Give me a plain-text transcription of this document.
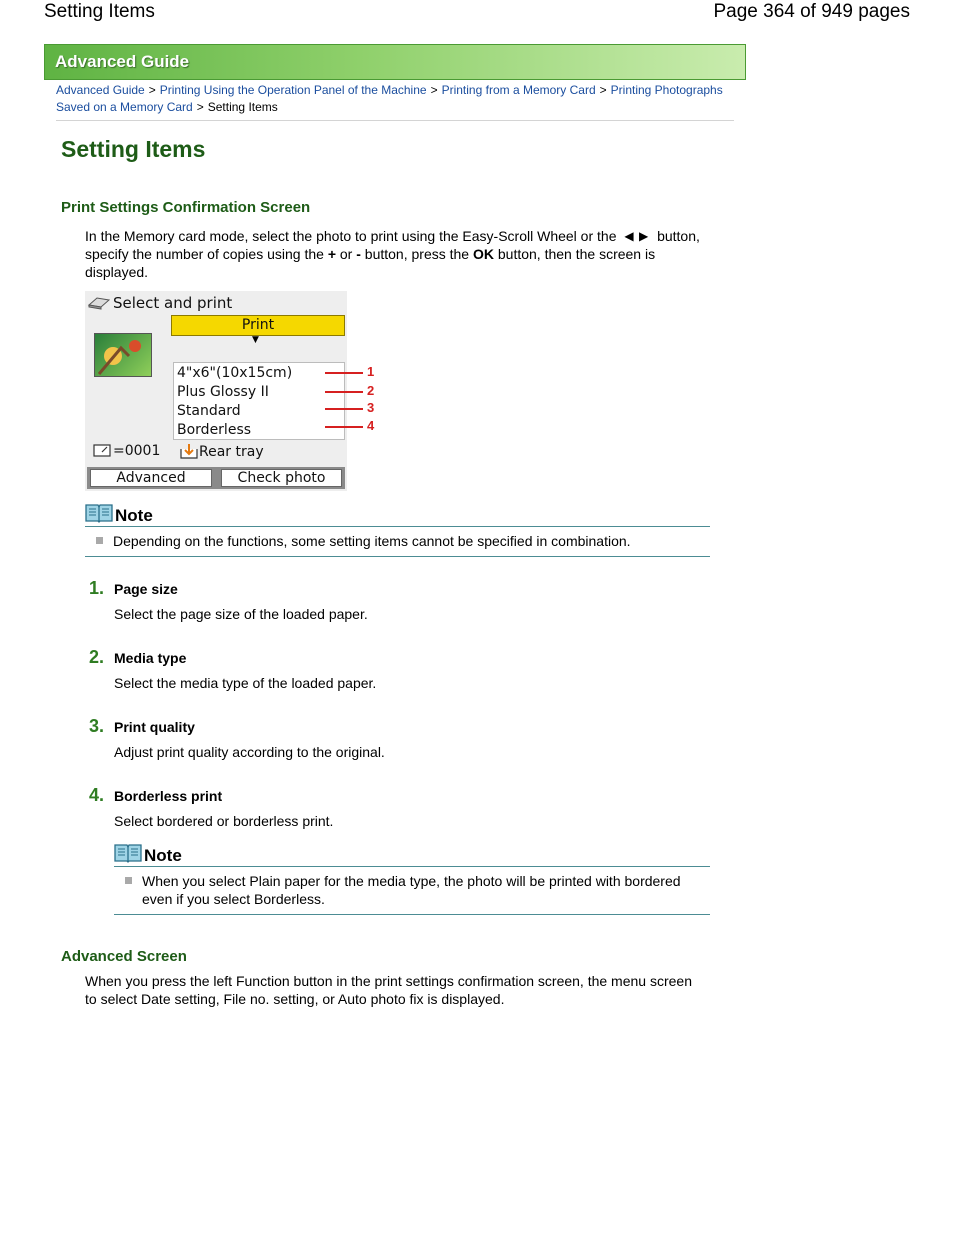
Setting Items	Page 364 of 949 pages
Advanced Guide
Advanced Guide > Printing Using the Operation Panel of the Machine > Printing from a Memory Card > Printing Photographs Saved on a Memory Card > Setting Items
Setting Items
Print Settings Confirmation Screen

In the Memory card mode, select the photo to print using the Easy-Scroll Wheel or the ◀ ▶ button, specify the number of copies using the + or - button, press the OK button, then the screen is displayed.

Select and print
Print
▼
4"x6"(10x15cm)
Plus Glossy II
Standard
Borderless
=0001	Rear tray
Advanced	Check photo
1
2
3
4
Note
Depending on the functions, some setting items cannot be specified in combination.
1. Page size
Select the page size of the loaded paper.
2. Media type
Select the media type of the loaded paper.
3. Print quality
Adjust print quality according to the original.
4. Borderless print
Select bordered or borderless print.
Note
When you select Plain paper for the media type, the photo will be printed with bordered even if you select Borderless.
Advanced Screen

When you press the left Function button in the print settings confirmation screen, the menu screen to select Date setting, File no. setting, or Auto photo fix is displayed.
